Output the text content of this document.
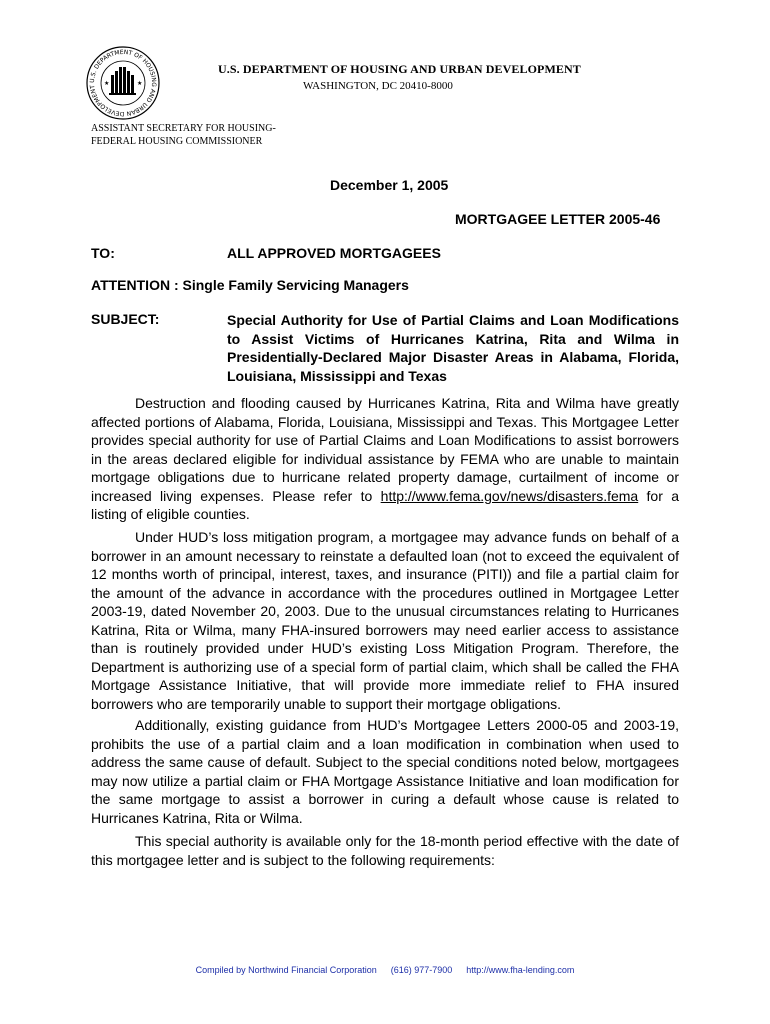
U.S. DEPARTMENT OF HOUSING AND URBAN DEVELOPMENT	★	★
U.S. DEPARTMENT OF HOUSING AND URBAN DEVELOPMENT
WASHINGTON, DC 20410-8000
ASSISTANT SECRETARY FOR HOUSING-
FEDERAL HOUSING COMMISSIONER
December 1, 2005
MORTGAGEE LETTER 2005-46
TO:	ALL APPROVED MORTGAGEES
ATTENTION : Single Family Servicing Managers
SUBJECT:	Special Authority for Use of Partial Claims and Loan Modifications to Assist Victims of Hurricanes Katrina, Rita and Wilma in Presidentially-Declared Major Disaster Areas in Alabama, Florida, Louisiana, Mississippi and Texas
Destruction and flooding caused by Hurricanes Katrina, Rita and Wilma have greatly affected portions of Alabama, Florida, Louisiana, Mississippi and Texas. This Mortgagee Letter provides special authority for use of Partial Claims and Loan Modifications to assist borrowers in the areas declared eligible for individual assistance by FEMA who are unable to maintain mortgage obligations due to hurricane related property damage, curtailment of income or increased living expenses. Please refer to http://www.fema.gov/news/disasters.fema for a listing of eligible counties.
Under HUD’s loss mitigation program, a mortgagee may advance funds on behalf of a borrower in an amount necessary to reinstate a defaulted loan (not to exceed the equivalent of 12 months worth of principal, interest, taxes, and insurance (PITI)) and file a partial claim for the amount of the advance in accordance with the procedures outlined in Mortgagee Letter 2003-19, dated November 20, 2003. Due to the unusual circumstances relating to Hurricanes Katrina, Rita or Wilma, many FHA-insured borrowers may need earlier access to assistance than is routinely provided under HUD’s existing Loss Mitigation Program. Therefore, the Department is authorizing use of a special form of partial claim, which shall be called the FHA Mortgage Assistance Initiative, that will provide more immediate relief to FHA insured borrowers who are temporarily unable to support their mortgage obligations.
Additionally, existing guidance from HUD’s Mortgagee Letters 2000-05 and 2003-19, prohibits the use of a partial claim and a loan modification in combination when used to address the same cause of default. Subject to the special conditions noted below, mortgagees may now utilize a partial claim or FHA Mortgage Assistance Initiative and loan modification for the same mortgage to assist a borrower in curing a default whose cause is related to Hurricanes Katrina, Rita or Wilma.
This special authority is available only for the 18-month period effective with the date of this mortgagee letter and is subject to the following requirements:
Compiled by Northwind Financial Corporation (616) 977-7900 http://www.fha-lending.com
